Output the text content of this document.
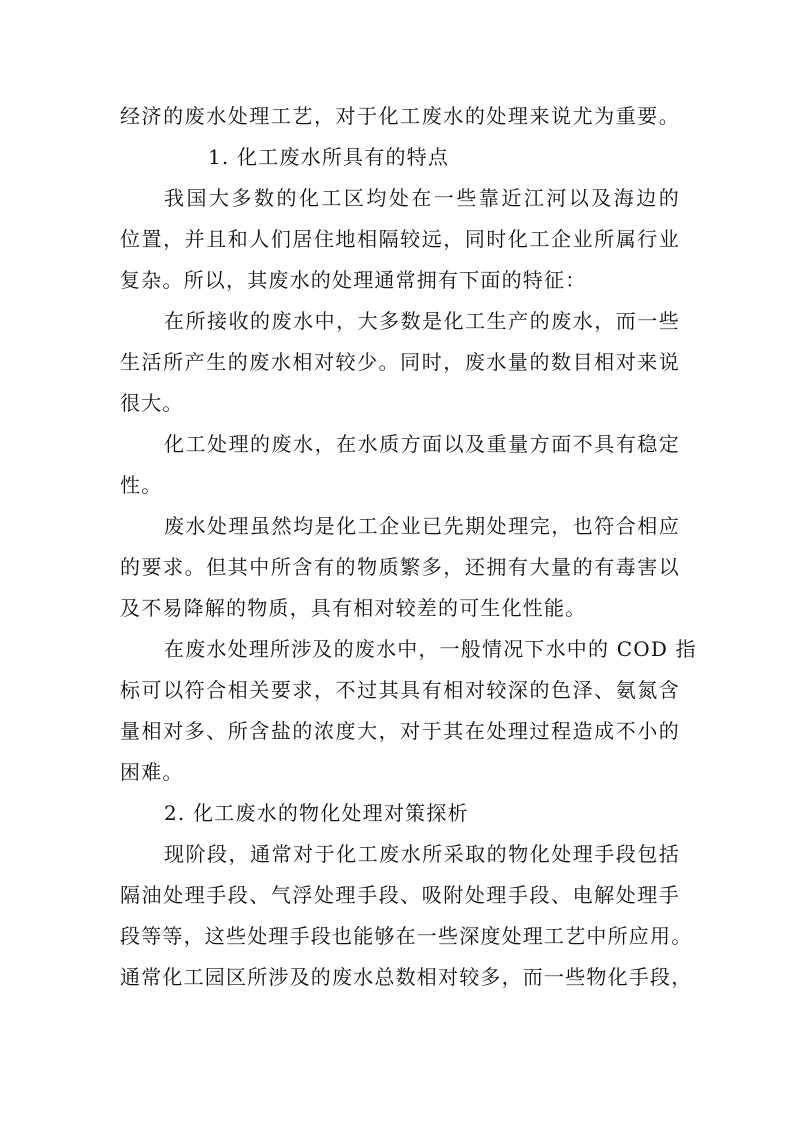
经济的废水处理工艺，对于化工废水的处理来说尤为重要。
1. 化工废水所具有的特点
我国大多数的化工区均处在一些靠近江河以及海边的
位置，并且和人们居住地相隔较远，同时化工企业所属行业
复杂。所以，其废水的处理通常拥有下面的特征：
在所接收的废水中，大多数是化工生产的废水，而一些
生活所产生的废水相对较少。同时，废水量的数目相对来说
很大。
化工处理的废水，在水质方面以及重量方面不具有稳定
性。
废水处理虽然均是化工企业已先期处理完，也符合相应
的要求。但其中所含有的物质繁多，还拥有大量的有毒害以
及不易降解的物质，具有相对较差的可生化性能。
在废水处理所涉及的废水中，一般情况下水中的 COD 指
标可以符合相关要求，不过其具有相对较深的色泽、氨氮含
量相对多、所含盐的浓度大，对于其在处理过程造成不小的
困难。
2. 化工废水的物化处理对策探析
现阶段，通常对于化工废水所采取的物化处理手段包括
隔油处理手段、气浮处理手段、吸附处理手段、电解处理手
段等等，这些处理手段也能够在一些深度处理工艺中所应用。
通常化工园区所涉及的废水总数相对较多，而一些物化手段，
